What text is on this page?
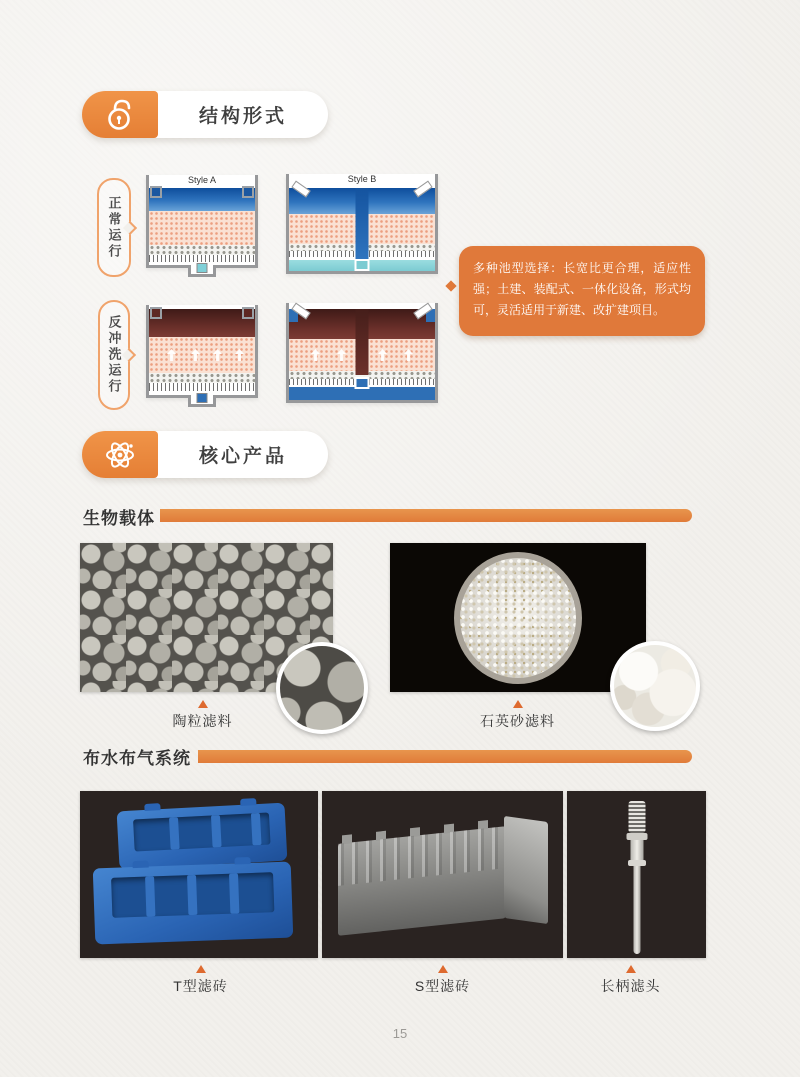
结构形式
正常运行
Style A	Style B
反冲洗运行
多种池型选择：长宽比更合理，适应性强；土建、装配式、一体化设备，形式均可，灵活适用于新建、改扩建项目。
核心产品
生物载体
陶粒滤料	石英砂滤料
布水布气系统
T型滤砖	S型滤砖	长柄滤头
15
